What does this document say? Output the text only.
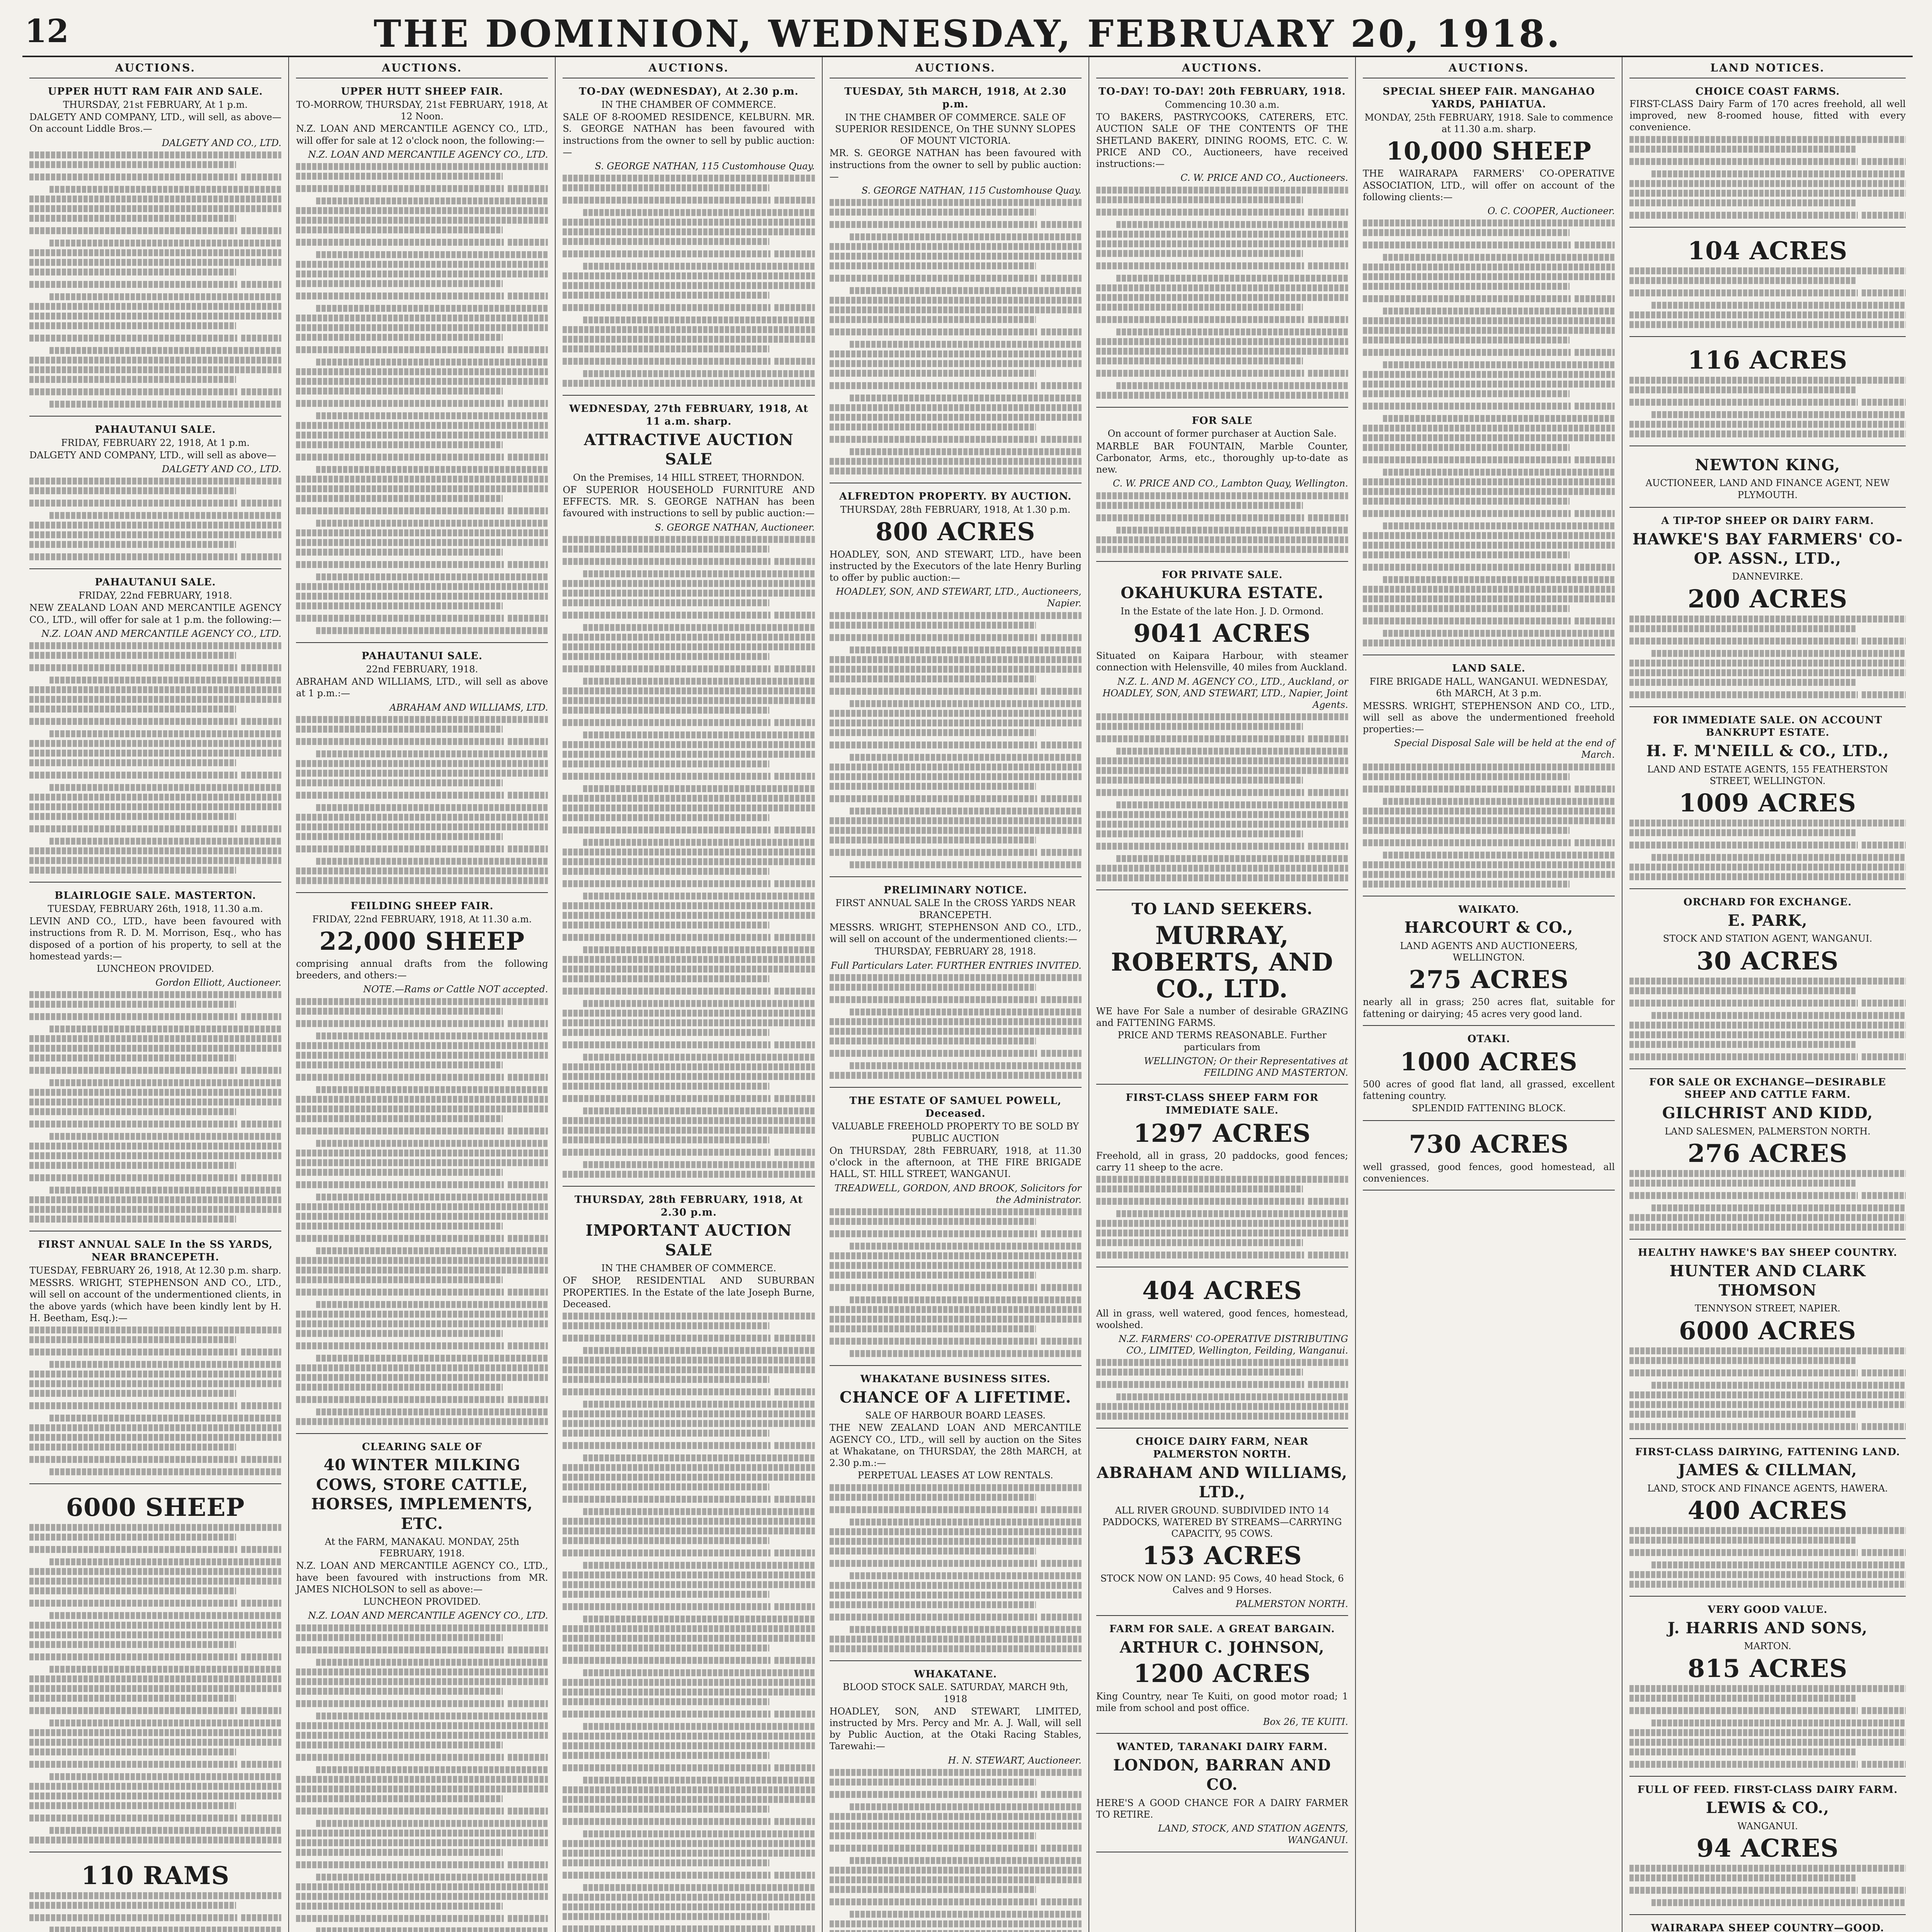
12	THE DOMINION, WEDNESDAY, FEBRUARY 20, 1918.
AUCTIONS.
UPPER HUTT RAM FAIR AND SALE.
THURSDAY, 21st FEBRUARY, At 1 p.m.
DALGETY AND COMPANY, LTD., will sell, as above—On account Liddle Bros.—
DALGETY AND CO., LTD.
PAHAUTANUI SALE.
FRIDAY, FEBRUARY 22, 1918, At 1 p.m.
DALGETY AND COMPANY, LTD., will sell as above—
DALGETY AND CO., LTD.
PAHAUTANUI SALE.
FRIDAY, 22nd FEBRUARY, 1918.
NEW ZEALAND LOAN AND MERCANTILE AGENCY CO., LTD., will offer for sale at 1 p.m. the following:—
N.Z. LOAN AND MERCANTILE AGENCY CO., LTD.
BLAIRLOGIE SALE. MASTERTON.
TUESDAY, FEBRUARY 26th, 1918, 11.30 a.m.
LEVIN AND CO., LTD., have been favoured with instructions from R. D. M. Morrison, Esq., who has disposed of a portion of his property, to sell at the homestead yards:—
LUNCHEON PROVIDED.
Gordon Elliott, Auctioneer.
FIRST ANNUAL SALE In the SS YARDS, NEAR BRANCEPETH.
TUESDAY, FEBRUARY 26, 1918, At 12.30 p.m. sharp.
MESSRS. WRIGHT, STEPHENSON AND CO., LTD., will sell on account of the undermentioned clients, in the above yards (which have been kindly lent by H. H. Beetham, Esq.):—
6000 SHEEP
110 RAMS
AUCTIONS.
UPPER HUTT SHEEP FAIR.
TO-MORROW, THURSDAY, 21st FEBRUARY, 1918, At 12 Noon.
N.Z. LOAN AND MERCANTILE AGENCY CO., LTD., will offer for sale at 12 o'clock noon, the following:—
N.Z. LOAN AND MERCANTILE AGENCY CO., LTD.
PAHAUTANUI SALE.
22nd FEBRUARY, 1918.
ABRAHAM AND WILLIAMS, LTD., will sell as above at 1 p.m.:—
ABRAHAM AND WILLIAMS, LTD.
FEILDING SHEEP FAIR.
FRIDAY, 22nd FEBRUARY, 1918, At 11.30 a.m.
22,000 SHEEP
comprising annual drafts from the following breeders, and others:—
NOTE.—Rams or Cattle NOT accepted.
CLEARING SALE OF
40 WINTER MILKING COWS, STORE CATTLE, HORSES, IMPLEMENTS, ETC.
At the FARM, MANAKAU. MONDAY, 25th FEBRUARY, 1918.
N.Z. LOAN AND MERCANTILE AGENCY CO., LTD., have been favoured with instructions from MR. JAMES NICHOLSON to sell as above:—
LUNCHEON PROVIDED.
N.Z. LOAN AND MERCANTILE AGENCY CO., LTD.
AUCTIONS.
TO-DAY (WEDNESDAY), At 2.30 p.m.
IN THE CHAMBER OF COMMERCE.
SALE OF 8-ROOMED RESIDENCE, KELBURN. MR. S. GEORGE NATHAN has been favoured with instructions from the owner to sell by public auction:—
S. GEORGE NATHAN, 115 Customhouse Quay.
WEDNESDAY, 27th FEBRUARY, 1918, At 11 a.m. sharp.
ATTRACTIVE AUCTION SALE
On the Premises, 14 HILL STREET, THORNDON.
OF SUPERIOR HOUSEHOLD FURNITURE AND EFFECTS. MR. S. GEORGE NATHAN has been favoured with instructions to sell by public auction:—
S. GEORGE NATHAN, Auctioneer.
THURSDAY, 28th FEBRUARY, 1918, At 2.30 p.m.
IMPORTANT AUCTION SALE
IN THE CHAMBER OF COMMERCE.
OF SHOP, RESIDENTIAL AND SUBURBAN PROPERTIES. In the Estate of the late Joseph Burne, Deceased.
AUCTIONS.
TUESDAY, 5th MARCH, 1918, At 2.30 p.m.
IN THE CHAMBER OF COMMERCE. SALE OF SUPERIOR RESIDENCE, On THE SUNNY SLOPES OF MOUNT VICTORIA.
MR. S. GEORGE NATHAN has been favoured with instructions from the owner to sell by public auction:—
S. GEORGE NATHAN, 115 Customhouse Quay.
ALFREDTON PROPERTY. BY AUCTION.
THURSDAY, 28th FEBRUARY, 1918, At 1.30 p.m.
800 ACRES
HOADLEY, SON, AND STEWART, LTD., have been instructed by the Executors of the late Henry Burling to offer by public auction:—
HOADLEY, SON, AND STEWART, LTD., Auctioneers, Napier.
PRELIMINARY NOTICE.
FIRST ANNUAL SALE In the CROSS YARDS NEAR BRANCEPETH.
MESSRS. WRIGHT, STEPHENSON AND CO., LTD., will sell on account of the undermentioned clients:—
THURSDAY, FEBRUARY 28, 1918.
Full Particulars Later. FURTHER ENTRIES INVITED.
THE ESTATE OF SAMUEL POWELL, Deceased.
VALUABLE FREEHOLD PROPERTY TO BE SOLD BY PUBLIC AUCTION
On THURSDAY, 28th FEBRUARY, 1918, at 11.30 o'clock in the afternoon, at THE FIRE BRIGADE HALL, ST. HILL STREET, WANGANUI.
TREADWELL, GORDON, AND BROOK, Solicitors for the Administrator.
WHAKATANE BUSINESS SITES.
CHANCE OF A LIFETIME.
SALE OF HARBOUR BOARD LEASES.
THE NEW ZEALAND LOAN AND MERCANTILE AGENCY CO., LTD., will sell by auction on the Sites at Whakatane, on THURSDAY, the 28th MARCH, at 2.30 p.m.:—
PERPETUAL LEASES AT LOW RENTALS.
WHAKATANE.
BLOOD STOCK SALE. SATURDAY, MARCH 9th, 1918
HOADLEY, SON, AND STEWART, LIMITED, instructed by Mrs. Percy and Mr. A. J. Wall, will sell by Public Auction, at the Otaki Racing Stables, Tarewahi:—
H. N. STEWART, Auctioneer.
AUCTIONS.
TO-DAY! TO-DAY! 20th FEBRUARY, 1918.
Commencing 10.30 a.m.
TO BAKERS, PASTRYCOOKS, CATERERS, ETC. AUCTION SALE OF THE CONTENTS OF THE SHETLAND BAKERY, DINING ROOMS, ETC. C. W. PRICE AND CO., Auctioneers, have received instructions:—
C. W. PRICE AND CO., Auctioneers.
FOR SALE
On account of former purchaser at Auction Sale.
MARBLE BAR FOUNTAIN, Marble Counter, Carbonator, Arms, etc., thoroughly up-to-date as new.
C. W. PRICE AND CO., Lambton Quay, Wellington.
FOR PRIVATE SALE.
OKAHUKURA ESTATE.
In the Estate of the late Hon. J. D. Ormond.
9041 ACRES
Situated on Kaipara Harbour, with steamer connection with Helensville, 40 miles from Auckland.
N.Z. L. AND M. AGENCY CO., LTD., Auckland, or HOADLEY, SON, AND STEWART, LTD., Napier, Joint Agents.
TO LAND SEEKERS.
MURRAY, ROBERTS, AND CO., LTD.
WE have For Sale a number of desirable GRAZING and FATTENING FARMS.
PRICE AND TERMS REASONABLE. Further particulars from
WELLINGTON; Or their Representatives at FEILDING AND MASTERTON.
FIRST-CLASS SHEEP FARM FOR IMMEDIATE SALE.
1297 ACRES
Freehold, all in grass, 20 paddocks, good fences; carry 11 sheep to the acre.
404 ACRES
All in grass, well watered, good fences, homestead, woolshed.
N.Z. FARMERS' CO-OPERATIVE DISTRIBUTING CO., LIMITED, Wellington, Feilding, Wanganui.
CHOICE DAIRY FARM, NEAR PALMERSTON NORTH.
ABRAHAM AND WILLIAMS, LTD.,
ALL RIVER GROUND. SUBDIVIDED INTO 14 PADDOCKS, WATERED BY STREAMS—CARRYING CAPACITY, 95 COWS.
153 ACRES
STOCK NOW ON LAND: 95 Cows, 40 head Stock, 6 Calves and 9 Horses.
PALMERSTON NORTH.
FARM FOR SALE. A GREAT BARGAIN.
ARTHUR C. JOHNSON,
1200 ACRES
King Country, near Te Kuiti, on good motor road; 1 mile from school and post office.
Box 26, TE KUITI.
WANTED, TARANAKI DAIRY FARM.
LONDON, BARRAN AND CO.
HERE'S A GOOD CHANCE FOR A DAIRY FARMER TO RETIRE.
LAND, STOCK, AND STATION AGENTS, WANGANUI.
AUCTIONS.
SPECIAL SHEEP FAIR. MANGAHAO YARDS, PAHIATUA.
MONDAY, 25th FEBRUARY, 1918. Sale to commence at 11.30 a.m. sharp.
10,000 SHEEP
THE WAIRARAPA FARMERS' CO-OPERATIVE ASSOCIATION, LTD., will offer on account of the following clients:—
O. C. COOPER, Auctioneer.
LAND SALE.
FIRE BRIGADE HALL, WANGANUI. WEDNESDAY, 6th MARCH, At 3 p.m.
MESSRS. WRIGHT, STEPHENSON AND CO., LTD., will sell as above the undermentioned freehold properties:—
Special Disposal Sale will be held at the end of March.
WAIKATO.
HARCOURT & CO.,
LAND AGENTS AND AUCTIONEERS, WELLINGTON.
275 ACRES
nearly all in grass; 250 acres flat, suitable for fattening or dairying; 45 acres very good land.
OTAKI.
1000 ACRES
500 acres of good flat land, all grassed, excellent fattening country.
SPLENDID FATTENING BLOCK.
730 ACRES
well grassed, good fences, good homestead, all conveniences.
LAND NOTICES.
CHOICE COAST FARMS.
FIRST-CLASS Dairy Farm of 170 acres freehold, all well improved, new 8-roomed house, fitted with every convenience.
104 ACRES
116 ACRES
NEWTON KING,
AUCTIONEER, LAND AND FINANCE AGENT, NEW PLYMOUTH.
A TIP-TOP SHEEP OR DAIRY FARM.
HAWKE'S BAY FARMERS' CO-OP. ASSN., LTD.,
DANNEVIRKE.
200 ACRES
FOR IMMEDIATE SALE. ON ACCOUNT BANKRUPT ESTATE.
H. F. M'NEILL & CO., LTD.,
LAND AND ESTATE AGENTS, 155 FEATHERSTON STREET, WELLINGTON.
1009 ACRES
ORCHARD FOR EXCHANGE.
E. PARK,
STOCK AND STATION AGENT, WANGANUI.
30 ACRES
FOR SALE OR EXCHANGE—DESIRABLE SHEEP AND CATTLE FARM.
GILCHRIST AND KIDD,
LAND SALESMEN, PALMERSTON NORTH.
276 ACRES
HEALTHY HAWKE'S BAY SHEEP COUNTRY.
HUNTER AND CLARK THOMSON
TENNYSON STREET, NAPIER.
6000 ACRES
FIRST-CLASS DAIRYING, FATTENING LAND.
JAMES & CILLMAN,
LAND, STOCK AND FINANCE AGENTS, HAWERA.
400 ACRES
VERY GOOD VALUE.
J. HARRIS AND SONS,
MARTON.
815 ACRES
FULL OF FEED. FIRST-CLASS DAIRY FARM.
LEWIS & CO.,
WANGANUI.
94 ACRES
WAIRARAPA SHEEP COUNTRY—GOOD.
